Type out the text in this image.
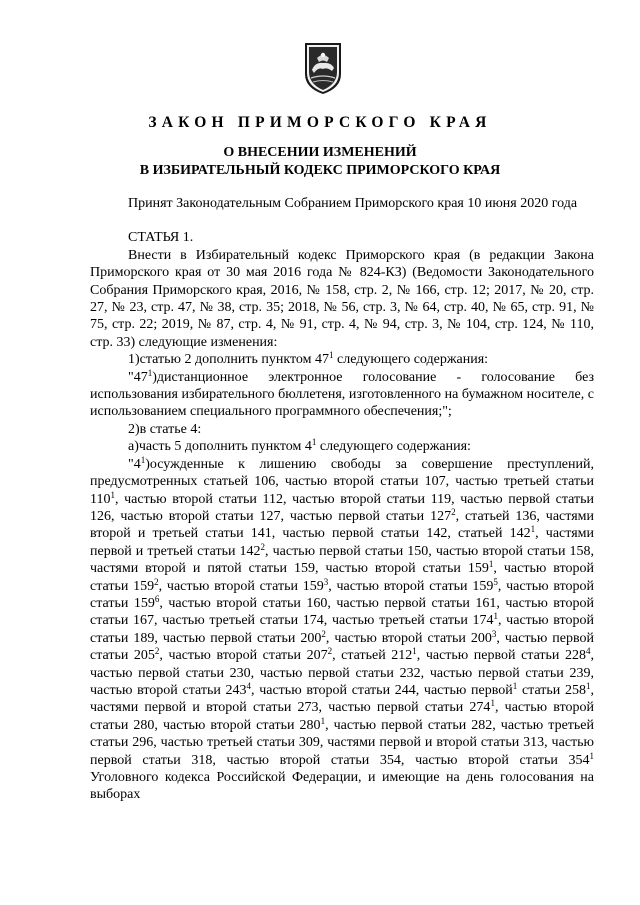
ЗАКОН ПРИМОРСКОГО КРАЯ
О ВНЕСЕНИИ ИЗМЕНЕНИЙ
В ИЗБИРАТЕЛЬНЫЙ КОДЕКС ПРИМОРСКОГО КРАЯ

Принят Законодательным Собранием Приморского края 10 июня 2020 года

СТАТЬЯ 1.

Внести в Избирательный кодекс Приморского края (в редакции Закона Приморского края от 30 мая 2016 года № 824-КЗ) (Ведомости Законодательного Собрания Приморского края, 2016, № 158, стр. 2, № 166, стр. 12; 2017, № 20, стр. 27, № 23, стр. 47, № 38, стр. 35; 2018, № 56, стр. 3, № 64, стр. 40, № 65, стр. 91, № 75, стр. 22; 2019, № 87, стр. 4, № 91, стр. 4, № 94, стр. 3, № 104, стр. 124, № 110, стр. 33) следующие изменения:

1)статью 2 дополнить пунктом $47^1$ следующего содержания:

"$47^1)дистанционное$ электронное голосование - голосование без использования избирательного бюллетеня, изготовленного на бумажном носителе, с использованием специального программного обеспечения;";

2)в статье 4:

а)часть 5 дополнить пунктом $4^1$ следующего содержания:

"$4^1)осужденные$ к лишению свободы за совершение преступлений, предусмотренных статьей 106, частью второй статьи 107, частью третьей статьи $110^1$, частью второй статьи 112, частью второй статьи 119, частью первой статьи 126, частью второй статьи 127, частью первой статьи $127^2$, статьей 136, частями второй и третьей статьи 141, частью первой статьи 142, статьей $142^1$, частями первой и третьей статьи $142^2$, частью первой статьи 150, частью второй статьи 158, частями второй и пятой статьи 159, частью второй статьи $159^1$, частью второй статьи $159^2$, частью второй статьи $159^3$, частью второй статьи $159^5$, частью второй статьи $159^6$, частью второй статьи 160, частью первой статьи 161, частью второй статьи 167, частью третьей статьи 174, частью третьей статьи $174^1$, частью второй статьи 189, частью первой статьи $200^2$, частью второй статьи $200^3$, частью первой статьи $205^2$, частью второй статьи $207^2$, статьей $212^1$, частью первой статьи $228^4$, частью первой статьи 230, частью первой статьи 232, частью первой статьи 239, частью второй статьи $243^4$, частью второй статьи 244, частью первой$^1$ статьи $258^1$, частями первой и второй статьи 273, частью первой статьи $274^1$, частью второй статьи 280, частью второй статьи $280^1$, частью первой статьи 282, частью третьей статьи 296, частью третьей статьи 309, частями первой и второй статьи 313, частью первой статьи 318, частью второй статьи 354, частью второй статьи $354^1$ Уголовного кодекса Российской Федерации, и имеющие на день голосования на выборах
